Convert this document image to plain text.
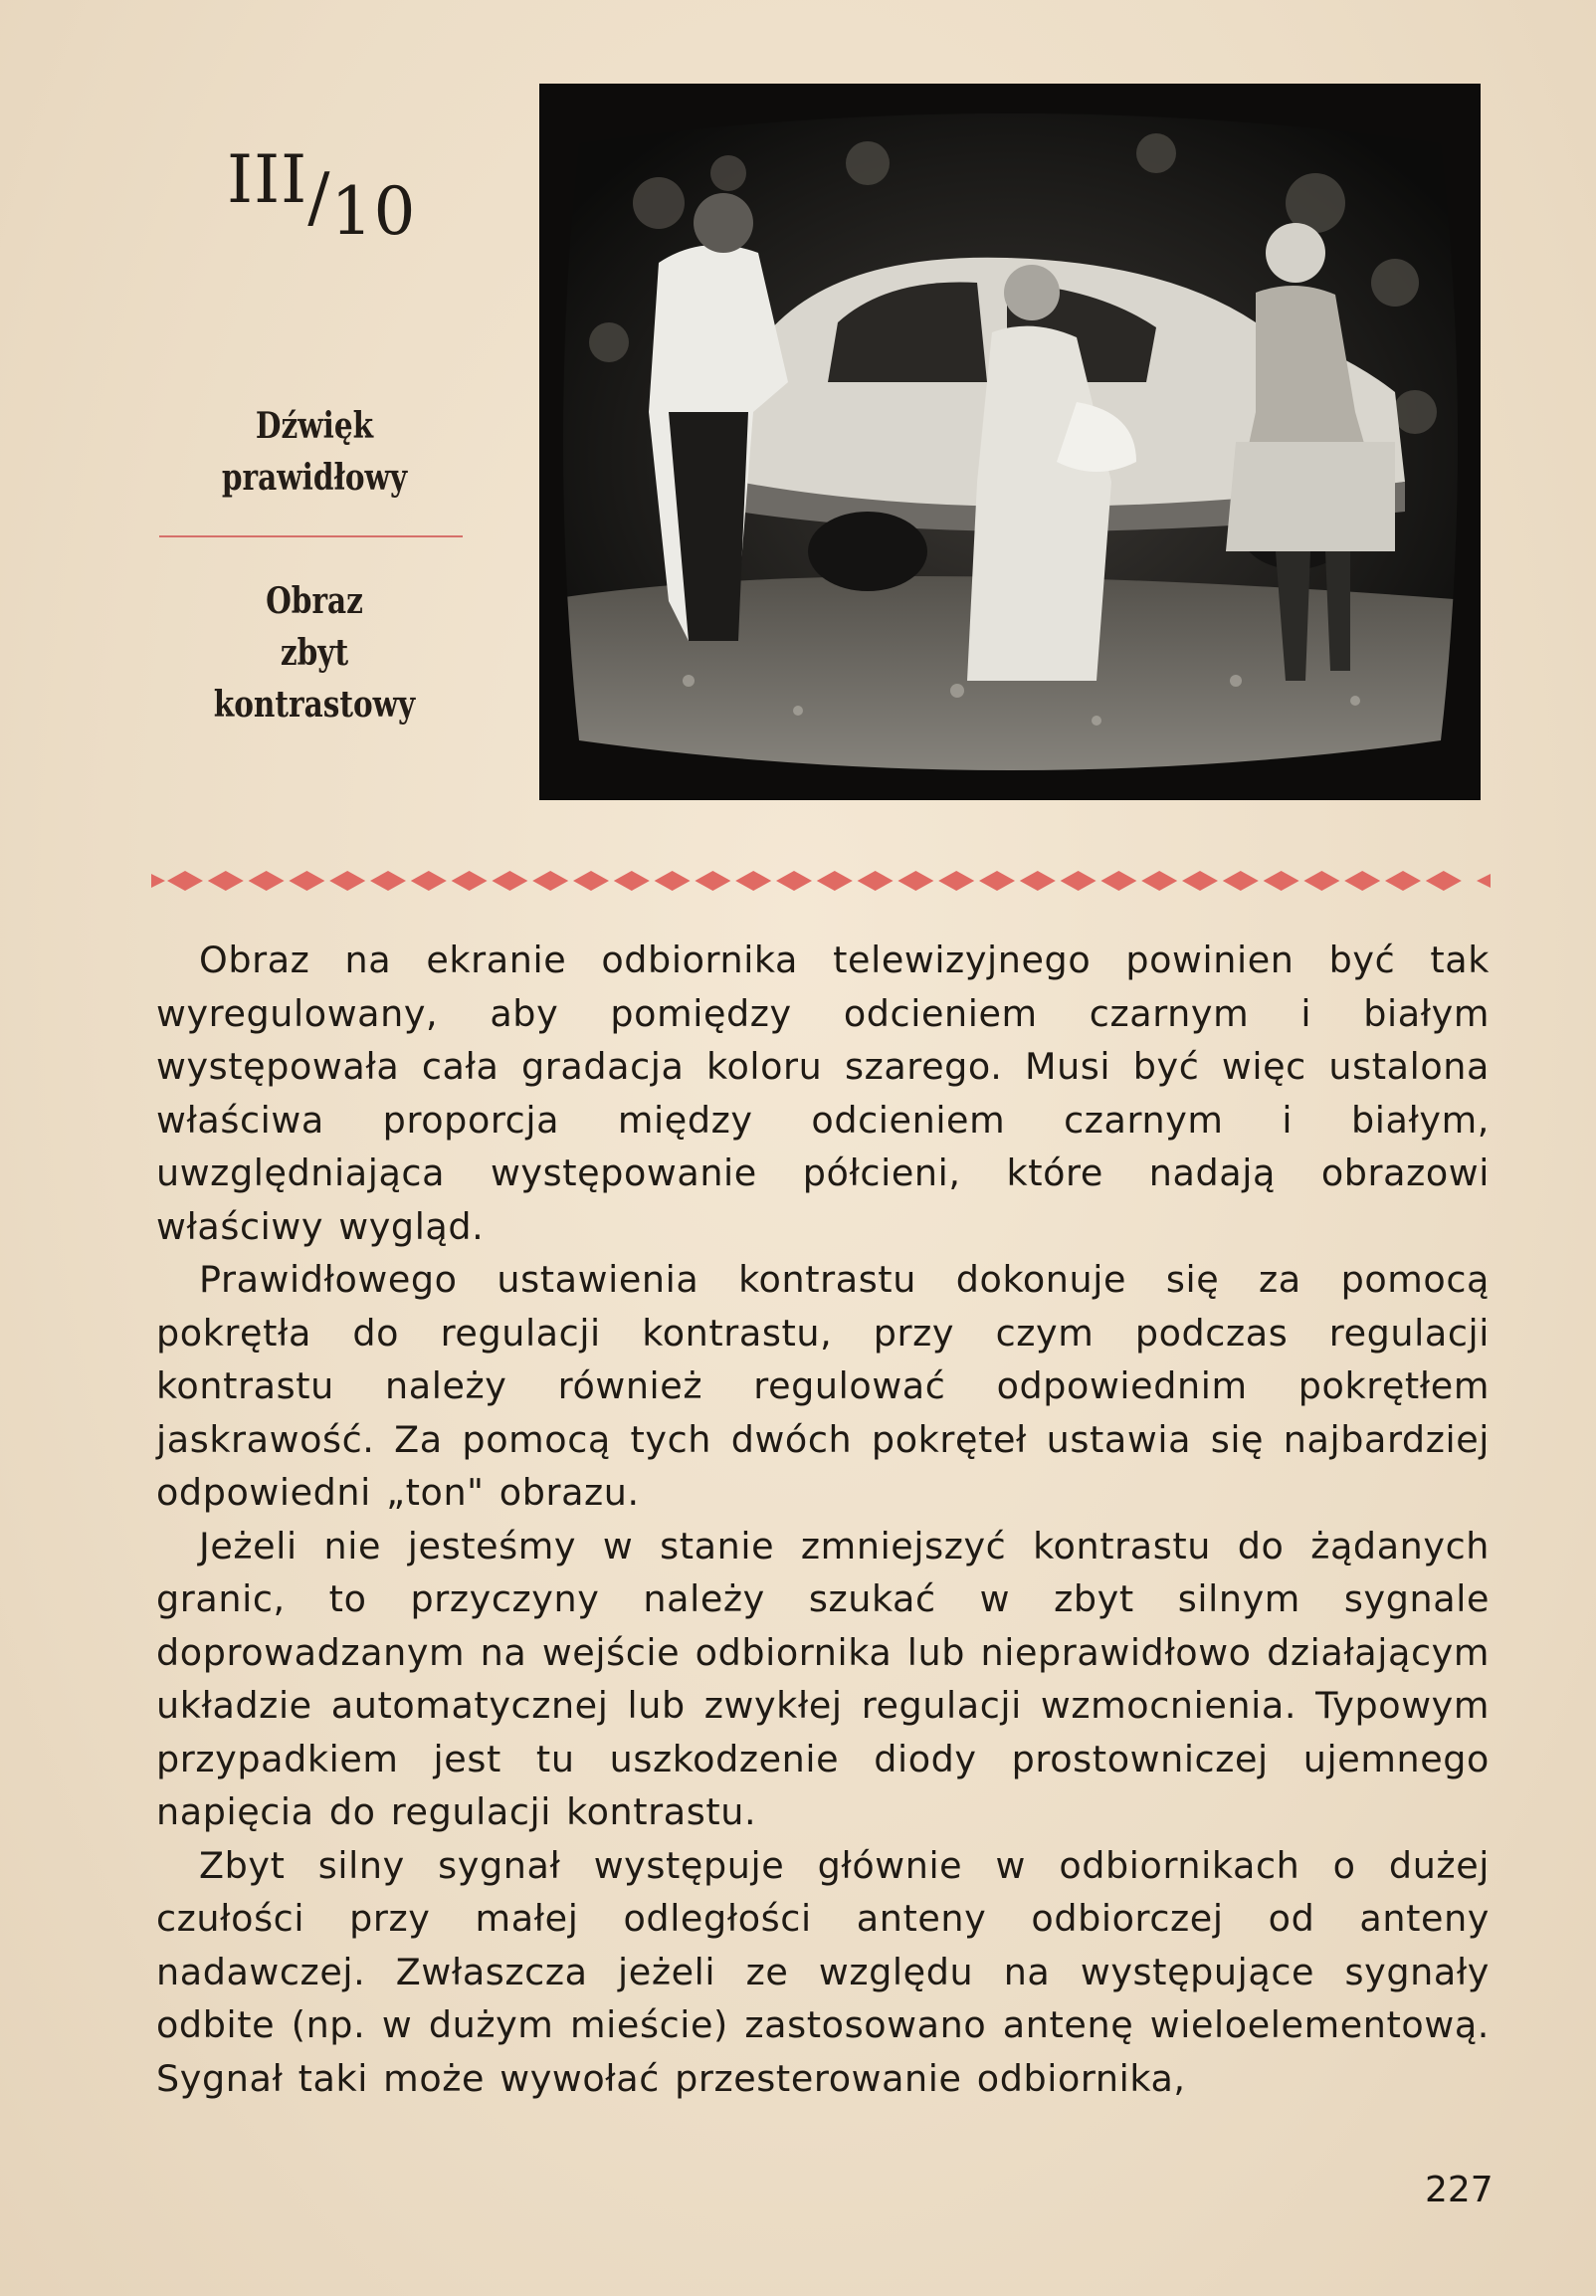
III/10
Dźwięk
prawidłowy
Obraz
zbyt kontrastowy

Obraz na ekranie odbiornika telewizyjnego powinien być tak wyregulowany, aby pomiędzy odcieniem czarnym i białym występowała cała gradacja koloru szarego. Musi być więc ustalona właściwa proporcja między odcieniem czarnym i białym, uwzględniająca występowanie półcieni, które nadają obrazowi właściwy wygląd.

Prawidłowego ustawienia kontrastu dokonuje się za pomocą pokrętła do regulacji kontrastu, przy czym podczas regulacji kontrastu należy również regulować odpowiednim pokrętłem jaskrawość. Za pomocą tych dwóch pokręteł ustawia się najbardziej odpowiedni „ton" obrazu.

Jeżeli nie jesteśmy w stanie zmniejszyć kontrastu do żądanych granic, to przyczyny należy szukać w zbyt silnym sygnale doprowadzanym na wejście odbiornika lub nieprawidłowo działającym układzie automatycznej lub zwykłej regulacji wzmocnienia. Typowym przypadkiem jest tu uszkodzenie diody prostowniczej ujemnego napięcia do regulacji kontrastu.

Zbyt silny sygnał występuje głównie w odbiornikach o dużej czułości przy małej odległości anteny odbiorczej od anteny nadawczej. Zwłaszcza jeżeli ze względu na występujące sygnały odbite (np. w dużym mieście) zastosowano antenę wieloelementową. Sygnał taki może wywołać przesterowanie odbiornika,

227
